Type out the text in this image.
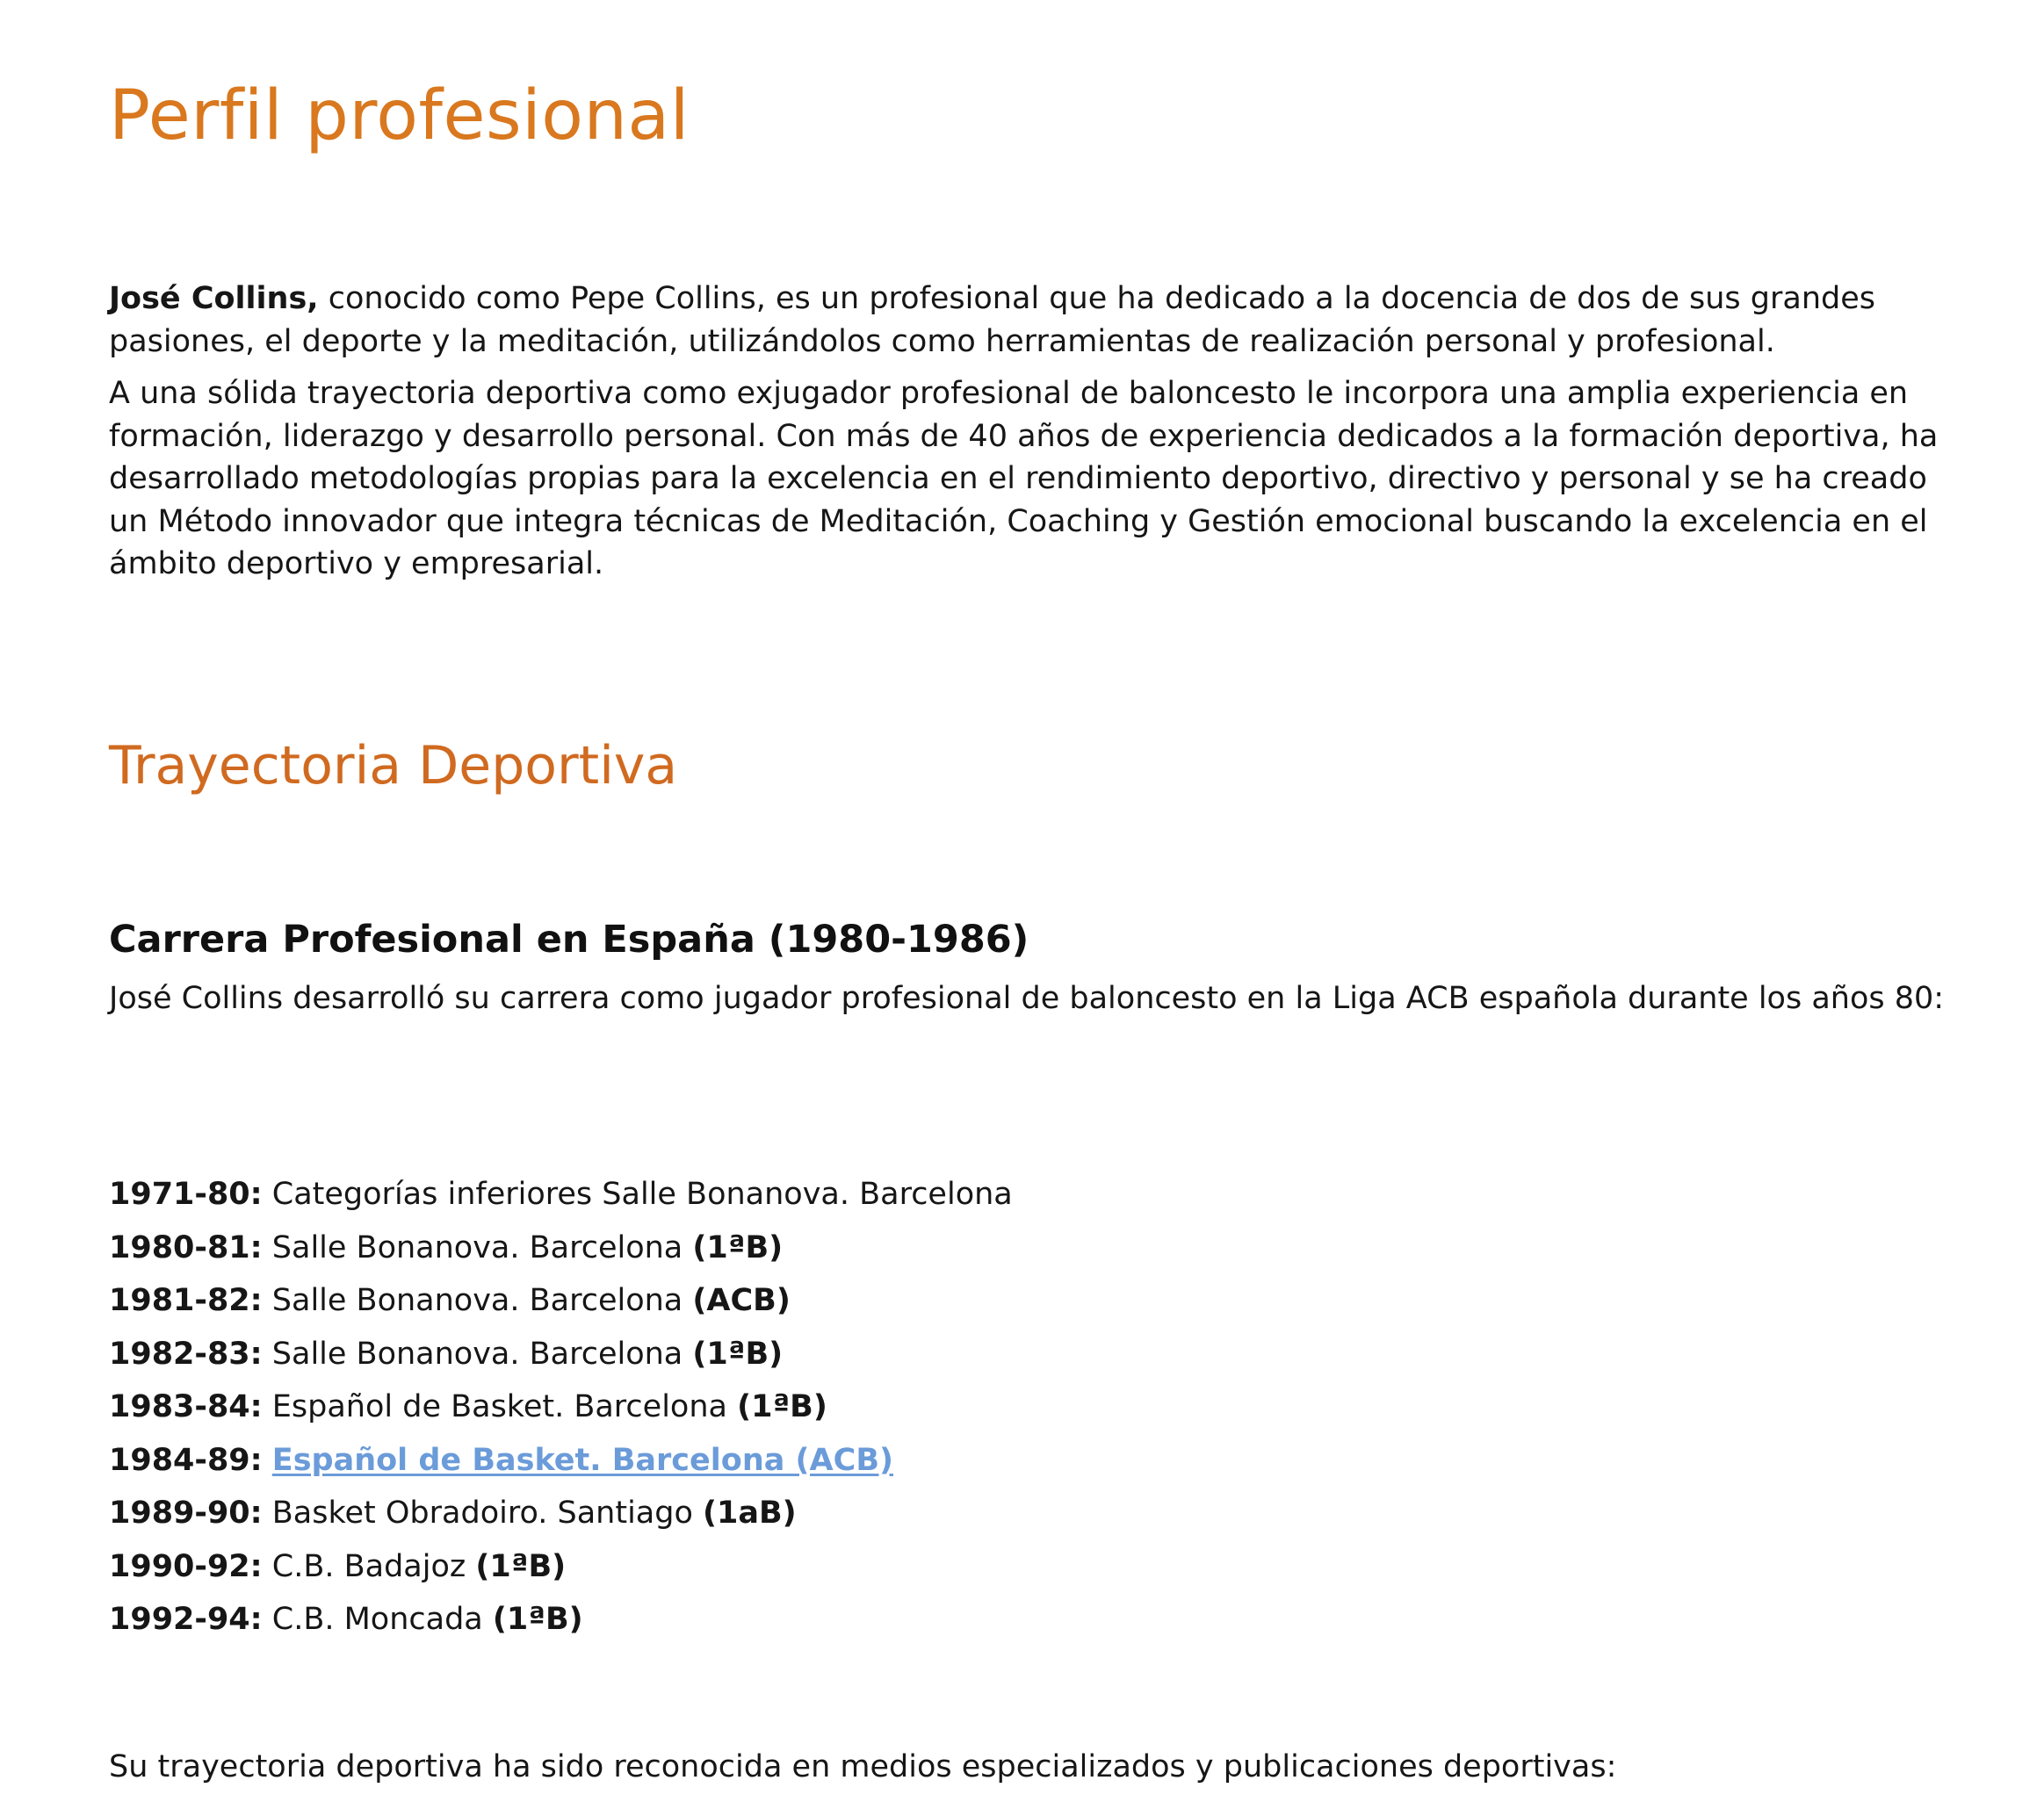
Perfil profesional

José Collins, conocido como Pepe Collins, es un profesional que ha dedicado a la docencia de dos de sus grandes pasiones, el deporte y la meditación, utilizándolos como herramientas de realización personal y profesional.

A una sólida trayectoria deportiva como exjugador profesional de baloncesto le incorpora una amplia experiencia en formación, liderazgo y desarrollo personal. Con más de 40 años de experiencia dedicados a la formación deportiva, ha desarrollado metodologías propias para la excelencia en el rendimiento deportivo, directivo y personal y se ha creado un Método innovador que integra técnicas de Meditación, Coaching y Gestión emocional buscando la excelencia en el ámbito deportivo y empresarial.

Trayectoria Deportiva
Carrera Profesional en España (1980-1986)

José Collins desarrolló su carrera como jugador profesional de baloncesto en la Liga ACB española durante los años 80:

1971-80: Categorías inferiores Salle Bonanova. Barcelona
1980-81: Salle Bonanova. Barcelona (1ªB)
1981-82: Salle Bonanova. Barcelona (ACB)
1982-83: Salle Bonanova. Barcelona (1ªB)
1983-84: Español de Basket. Barcelona (1ªB)
1984-89: Español de Basket. Barcelona (ACB)
1989-90: Basket Obradoiro. Santiago (1aB)
1990-92: C.B. Badajoz (1ªB)
1992-94: C.B. Moncada (1ªB)

Su trayectoria deportiva ha sido reconocida en medios especializados y publicaciones deportivas:
